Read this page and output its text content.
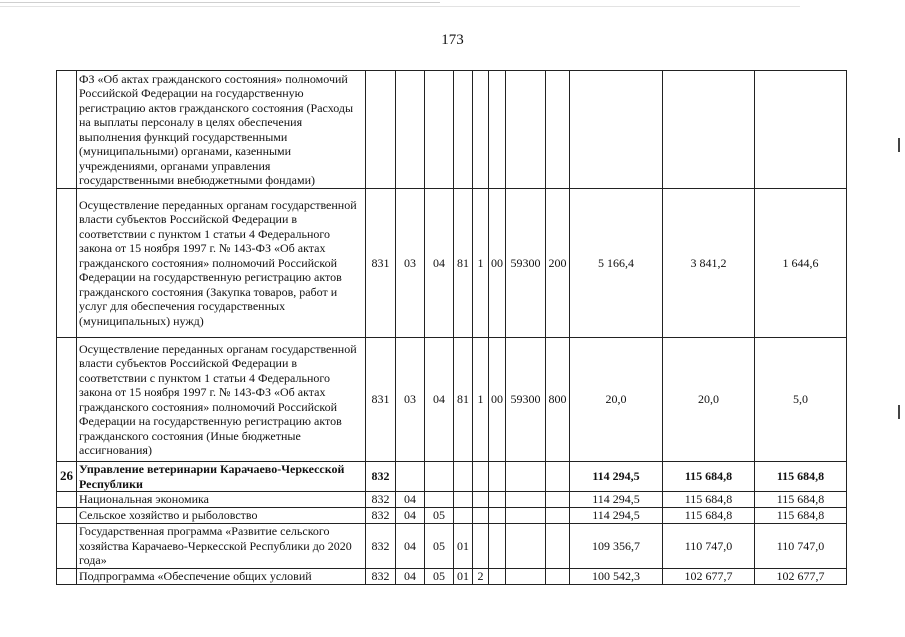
173
	ФЗ «Об актах гражданского состояния» полномочий Российской Федерации на государственную регистрацию актов гражданского состояния (Расходы на выплаты персоналу в целях обеспечения выполнения функций государственными (муниципальными) органами, казенными учреждениями, органами управления государственными внебюджетными фондами)											
	Осуществление переданных органам государственной власти субъектов Российской Федерации в соответствии с пунктом 1 статьи 4 Федерального закона от 15 ноября 1997 г. № 143-ФЗ «Об актах гражданского состояния» полномочий Российской Федерации на государственную регистрацию актов гражданского состояния (Закупка товаров, работ и услуг для обеспечения государственных (муниципальных) нужд)	831	03	04	81	1	00	59300	200	5 166,4	3 841,2	1 644,6
	Осуществление переданных органам государственной власти субъектов Российской Федерации в соответствии с пунктом 1 статьи 4 Федерального закона от 15 ноября 1997 г. № 143-ФЗ «Об актах гражданского состояния» полномочий Российской Федерации на государственную регистрацию актов гражданского состояния (Иные бюджетные ассигнования)	831	03	04	81	1	00	59300	800	20,0	20,0	5,0
26	Управление ветеринарии Карачаево-Черкесской Республики	832								114 294,5	115 684,8	115 684,8
	Национальная экономика	832	04							114 294,5	115 684,8	115 684,8
	Сельское хозяйство и рыболовство	832	04	05						114 294,5	115 684,8	115 684,8
	Государственная программа «Развитие сельского хозяйства Карачаево-Черкесской Республики до 2020 года»	832	04	05	01					109 356,7	110 747,0	110 747,0
	Подпрограмма «Обеспечение общих условий	832	04	05	01	2				100 542,3	102 677,7	102 677,7
